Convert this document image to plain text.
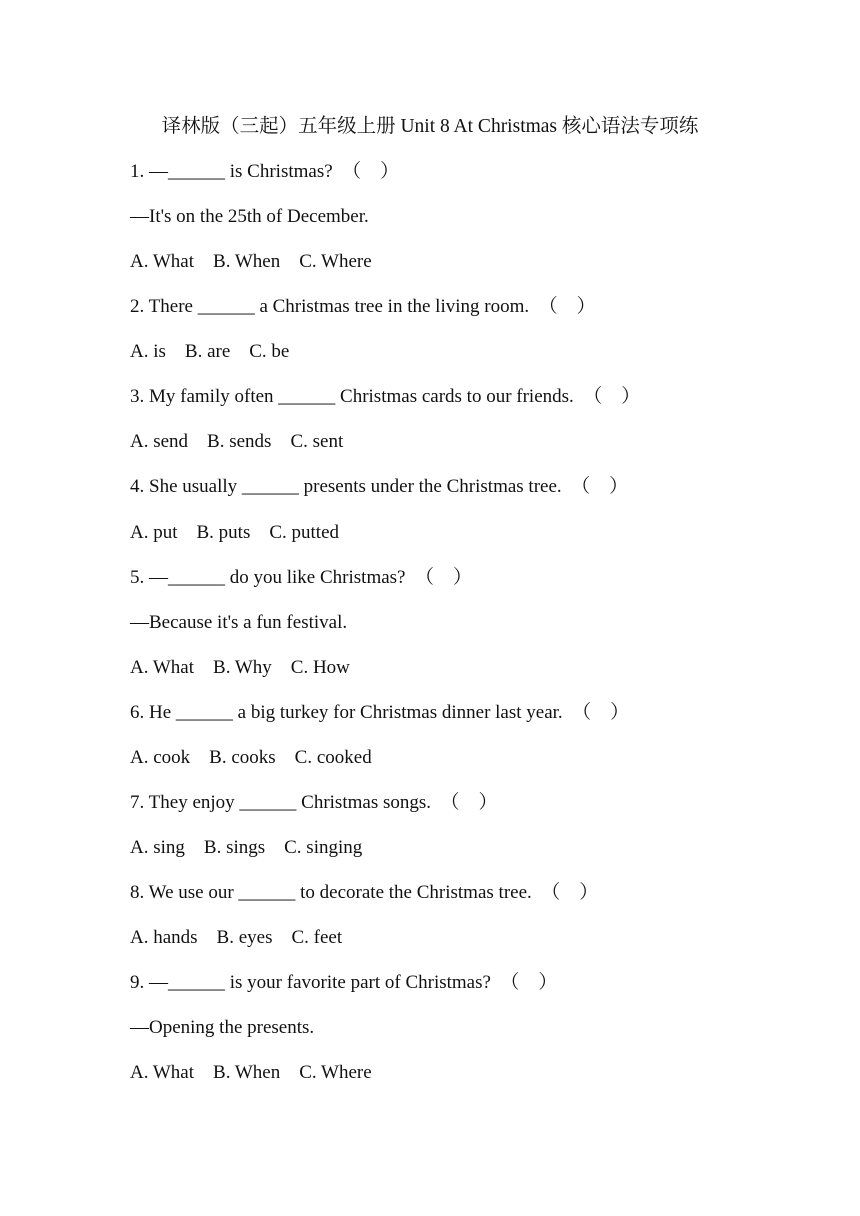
译林版（三起）五年级上册 Unit 8 At Christmas 核心语法专项练
1. —______ is Christmas?  （    ）
—It's on the 25th of December.
A. What    B. When    C. Where
2. There ______ a Christmas tree in the living room.  （    ）
A. is    B. are    C. be
3. My family often ______ Christmas cards to our friends.  （    ）
A. send    B. sends    C. sent
4. She usually ______ presents under the Christmas tree.  （    ）
A. put    B. puts    C. putted
5. —______ do you like Christmas?  （    ）
—Because it's a fun festival.
A. What    B. Why    C. How
6. He ______ a big turkey for Christmas dinner last year.  （    ）
A. cook    B. cooks    C. cooked
7. They enjoy ______ Christmas songs.  （    ）
A. sing    B. sings    C. singing
8. We use our ______ to decorate the Christmas tree.  （    ）
A. hands    B. eyes    C. feet
9. —______ is your favorite part of Christmas?  （    ）
—Opening the presents.
A. What    B. When    C. Where
